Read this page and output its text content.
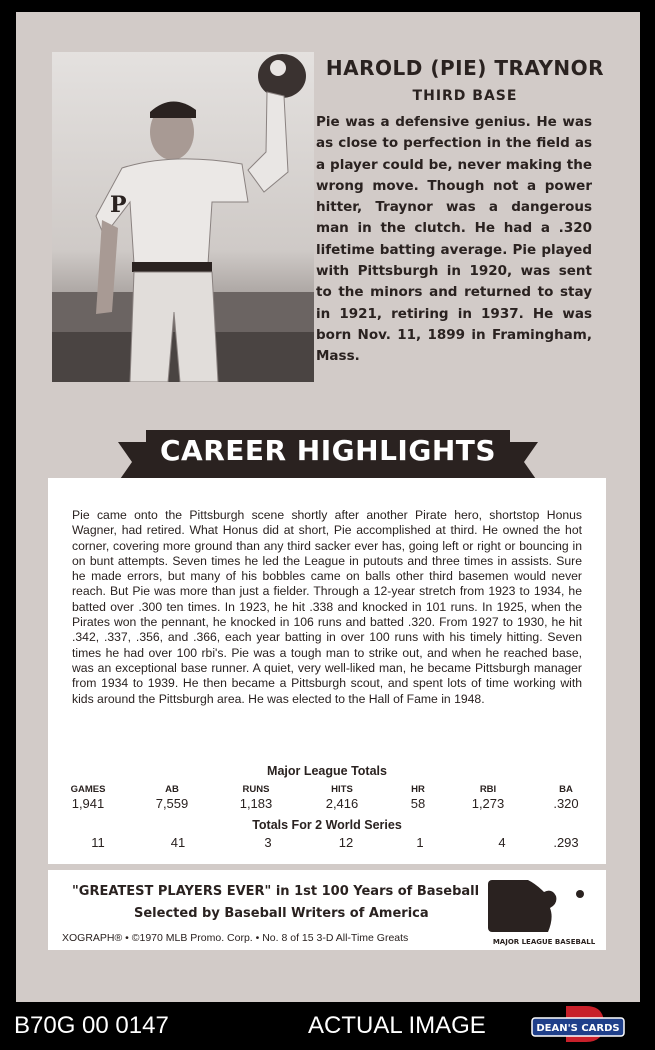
P
HAROLD (PIE) TRAYNOR
THIRD BASE
Pie was a defensive genius. He was as close to perfection in the field as a player could be, never making the wrong move. Though not a power hitter, Traynor was a dangerous man in the clutch. He had a .320 lifetime batting average. Pie played with Pittsburgh in 1920, was sent to the minors and returned to stay in 1921, retiring in 1937. He was born Nov. 11, 1899 in Framingham, Mass.
CAREER HIGHLIGHTS
Pie came onto the Pittsburgh scene shortly after another Pirate hero, shortstop Honus Wagner, had retired. What Honus did at short, Pie accomplished at third. He owned the hot corner, covering more ground than any third sacker ever has, going left or right or bouncing in on bunt attempts. Seven times he led the League in putouts and three times in assists. Sure he made errors, but many of his bobbles came on balls other third basemen would never reach. But Pie was more than just a fielder. Through a 12-year stretch from 1923 to 1934, he batted over .300 ten times. In 1923, he hit .338 and knocked in 101 runs. In 1925, when the Pirates won the pennant, he knocked in 106 runs and batted .320. From 1927 to 1930, he hit .342, .337, .356, and .366, each year batting in over 100 runs with his timely hitting. Seven times he had over 100 rbi's. Pie was a tough man to strike out, and when he reached base, was an exceptional base runner. A quiet, very well-liked man, he became Pittsburgh manager from 1934 to 1939. He then became a Pittsburgh scout, and spent lots of time working with kids around the Pittsburgh area. He was elected to the Hall of Fame in 1948.
Major League Totals
GAMES	AB	RUNS	HITS	HR	RBI	BA
1,941	7,559	1,183	2,416	58	1,273	.320
Totals For 2 World Series
11	41	3	12	1	4	.293
"GREATEST PLAYERS EVER" in 1st 100 Years of Baseball
Selected by Baseball Writers of America
XOGRAPH® • ©1970 MLB Promo. Corp. • No. 8 of 15 3-D All-Time Greats	MAJOR LEAGUE BASEBALL
B70G 00 0147	ACTUAL IMAGE	DEAN'S CARDS
